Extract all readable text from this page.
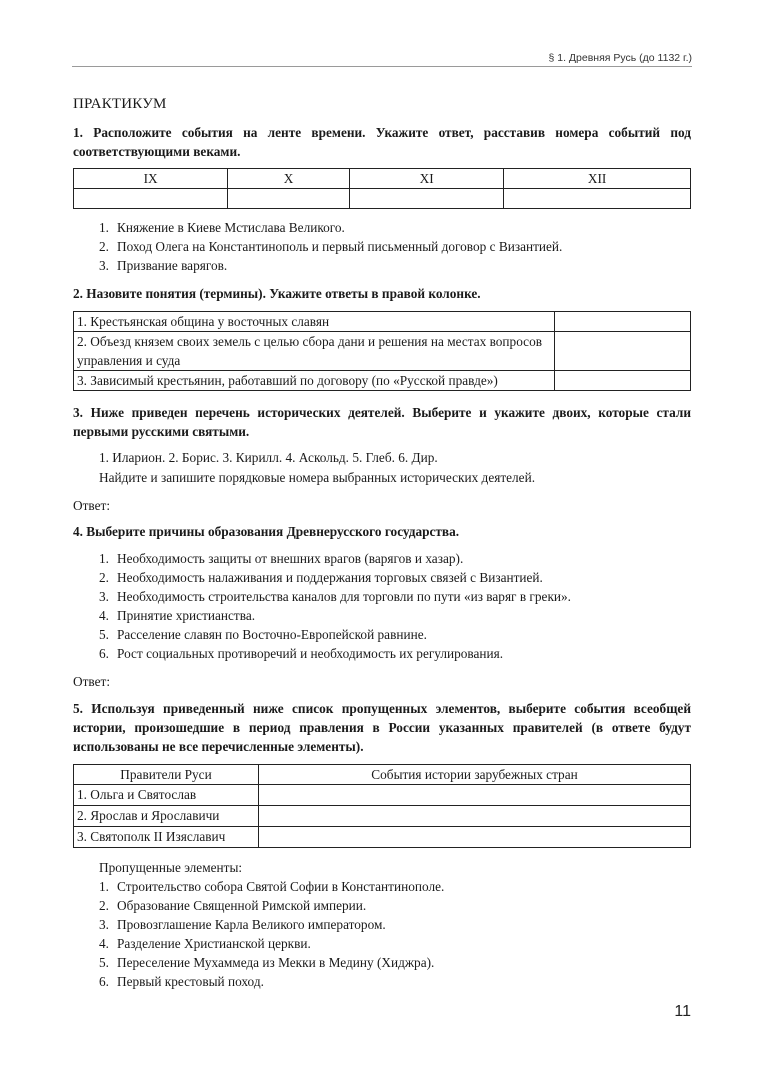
§ 1. Древняя Русь (до 1132 г.)
ПРАКТИКУМ

1. Расположите события на ленте времени. Укажите ответ, расставив номера событий под соответствующими веками.

IX	X	XI	XII

1. Княжение в Киеве Мстислава Великого.
2. Поход Олега на Константинополь и первый письменный договор с Византией.
3. Призвание варягов.

2. Назовите понятия (термины). Укажите ответы в правой колонке.

1. Крестьянская община у восточных славян	
2. Объезд князем своих земель с целью сбора дани и решения на местах вопросов управления и суда	
3. Зависимый крестьянин, работавший по договору (по «Русской правде»)	

3. Ниже приведен перечень исторических деятелей. Выберите и укажите двоих, которые стали первыми русскими святыми.

1. Иларион. 2. Борис. 3. Кирилл. 4. Аскольд. 5. Глеб. 6. Дир.

Найдите и запишите порядковые номера выбранных исторических деятелей.

Ответ:

4. Выберите причины образования Древнерусского государства.

1. Необходимость защиты от внешних врагов (варягов и хазар).
2. Необходимость налаживания и поддержания торговых связей с Византией.
3. Необходимость строительства каналов для торговли по пути «из варяг в греки».
4. Принятие христианства.
5. Расселение славян по Восточно-Европейской равнине.
6. Рост социальных противоречий и необходимость их регулирования.

Ответ:

5. Используя приведенный ниже список пропущенных элементов, выберите события всеобщей истории, произошедшие в период правления в России указанных правителей (в ответе будут использованы не все перечисленные элементы).

Правители Руси	События истории зарубежных стран
1. Ольга и Святослав	
2. Ярослав и Ярославичи	
3. Святополк II Изяславич	

Пропущенные элементы:

1. Строительство собора Святой Софии в Константинополе.
2. Образование Священной Римской империи.
3. Провозглашение Карла Великого императором.
4. Разделение Христианской церкви.
5. Переселение Мухаммеда из Мекки в Медину (Хиджра).
6. Первый крестовый поход.
11
